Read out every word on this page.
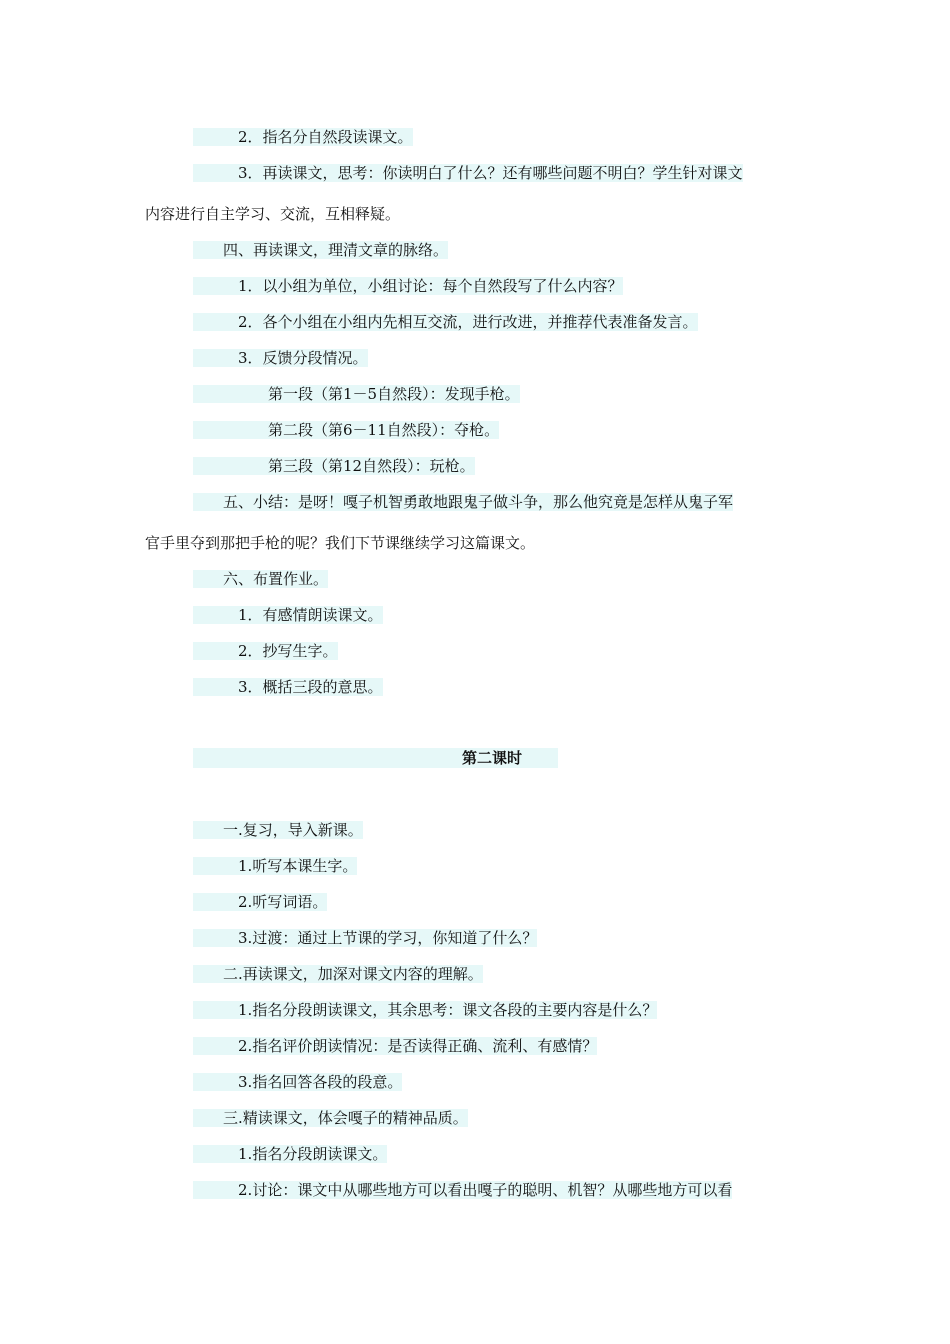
　　　2．指名分自然段读课文。
　　　3．再读课文，思考：你读明白了什么？还有哪些问题不明白？学生针对课文
内容进行自主学习、交流，互相释疑。
　　四、再读课文，理清文章的脉络。
　　　1．以小组为单位，小组讨论：每个自然段写了什么内容？
　　　2．各个小组在小组内先相互交流，进行改进，并推荐代表准备发言。
　　　3．反馈分段情况。
　　　　　第一段（第1－5自然段）：发现手枪。
　　　　　第二段（第6－11自然段）：夺枪。
　　　　　第三段（第12自然段）：玩枪。
　　五、小结：是呀！嘎子机智勇敢地跟鬼子做斗争，那么他究竟是怎样从鬼子军
官手里夺到那把手枪的呢？我们下节课继续学习这篇课文。
　　六、布置作业。
　　　1．有感情朗读课文。
　　　2．抄写生字。
　　　3．概括三段的意思。
第二课时
　　一.复习，导入新课。
　　　1.听写本课生字。
　　　2.听写词语。
　　　3.过渡：通过上节课的学习，你知道了什么？
　　二.再读课文，加深对课文内容的理解。
　　　1.指名分段朗读课文，其余思考：课文各段的主要内容是什么？
　　　2.指名评价朗读情况：是否读得正确、流利、有感情？
　　　3.指名回答各段的段意。
　　三.精读课文，体会嘎子的精神品质。
　　　1.指名分段朗读课文。
　　　2.讨论：课文中从哪些地方可以看出嘎子的聪明、机智？从哪些地方可以看
